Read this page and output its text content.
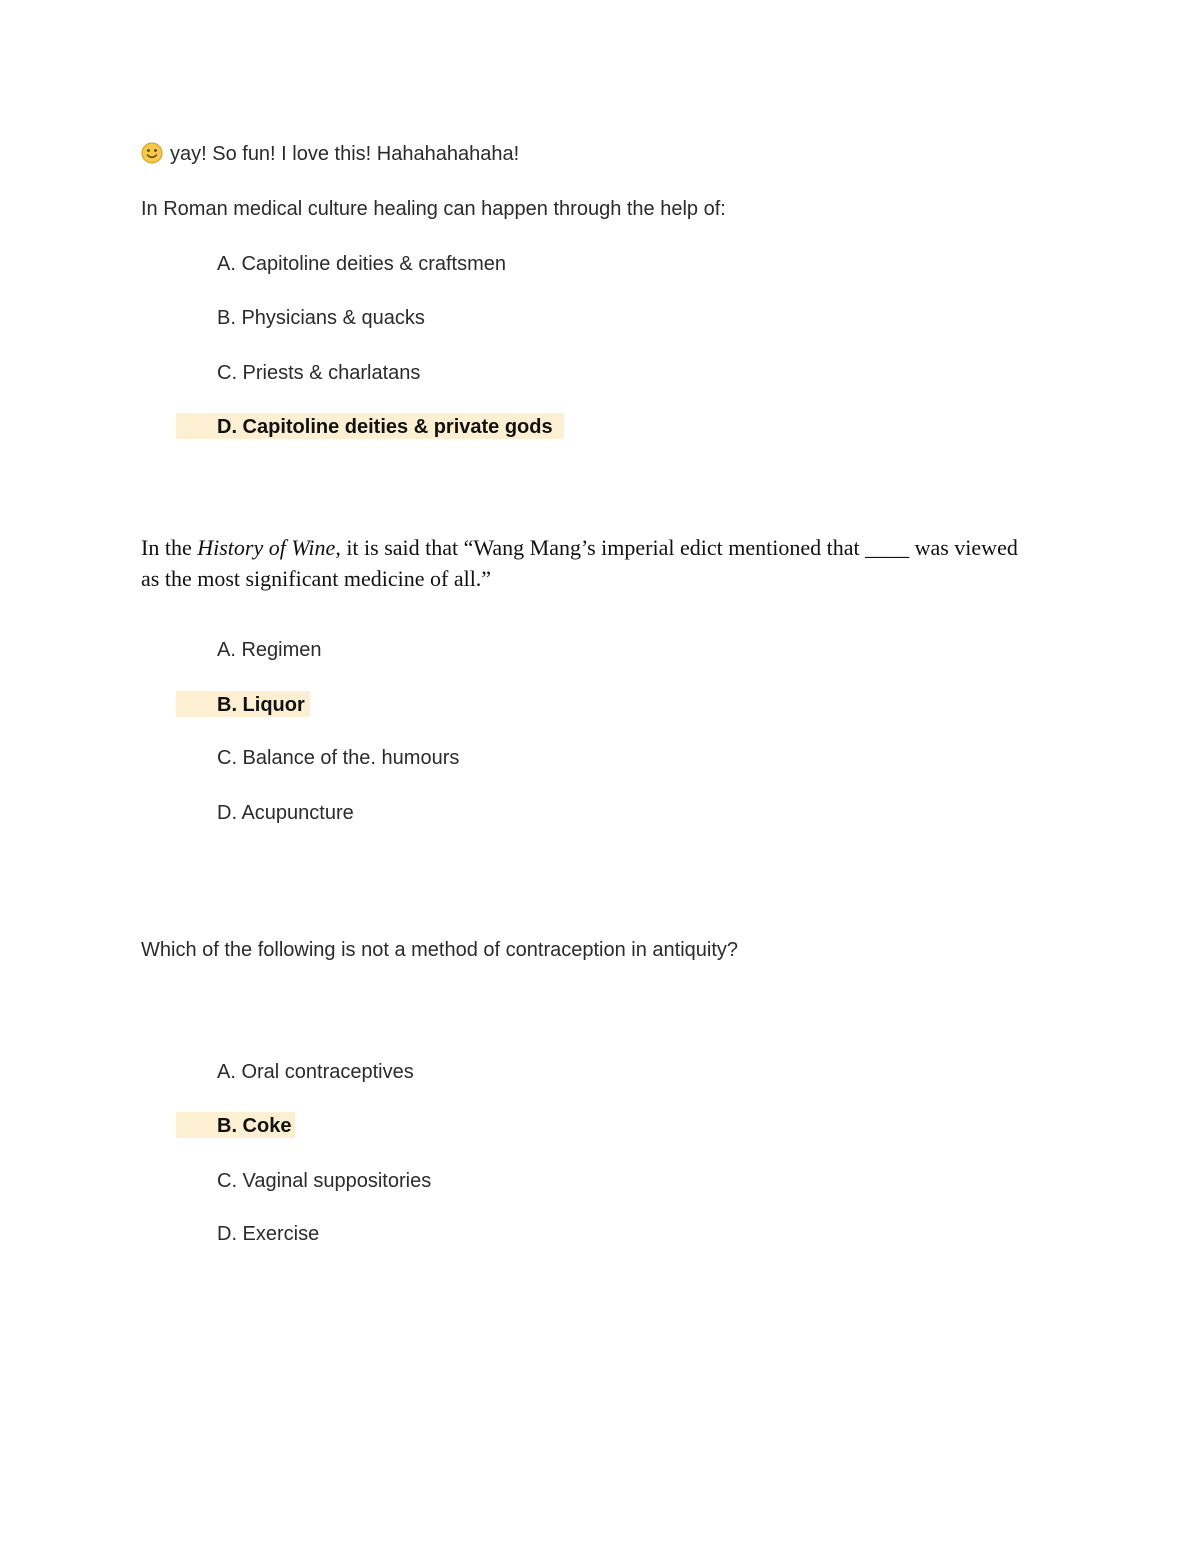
yay! So fun! I love this! Hahahahahaha!
In Roman medical culture healing can happen through the help of:
A. Capitoline deities & craftsmen
B. Physicians & quacks
C. Priests & charlatans
D. Capitoline deities & private gods
In the History of Wine, it is said that “Wang Mang’s imperial edict mentioned that ____ was viewed as the most significant medicine of all.”
A. Regimen
B. Liquor
C. Balance of the. humours
D. Acupuncture
Which of the following is not a method of contraception in antiquity?
A. Oral contraceptives
B. Coke
C. Vaginal suppositories
D. Exercise
